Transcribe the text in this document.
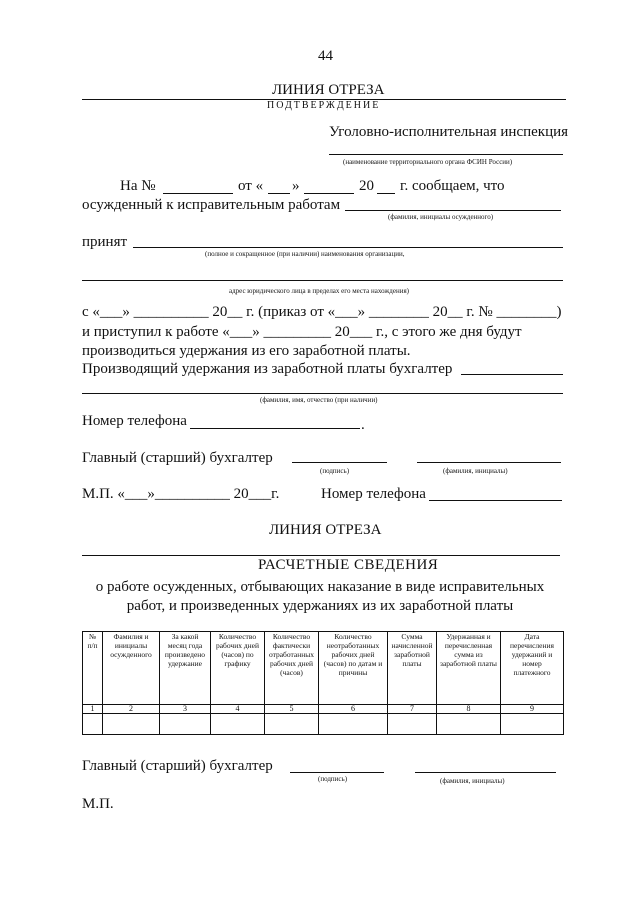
44
ЛИНИЯ ОТРЕЗА
ПОДТВЕРЖДЕНИЕ
Уголовно-исполнительная инспекция
(наименование территориального органа ФСИН России)
На №	от « »	20 г. сообщаем, что
осужденный к исправительным работам
(фамилия, инициалы осужденного)
принят
(полное и сокращенное (при наличии) наименования организации,
адрес юридического лица в пределах его места нахождения)
с «___» __________ 20__ г. (приказ от «___» ________ 20__ г. № ________)
и приступил к работе «___» _________ 20___ г., с этого же дня будут
производиться удержания из его заработной платы.
Производящий удержания из заработной платы бухгалтер
(фамилия, имя, отчество (при наличии)
Номер телефона	.
Главный (старший) бухгалтер
(подпись)	(фамилия, инициалы)
М.П. «___»__________ 20___г.	Номер телефона
ЛИНИЯ ОТРЕЗА
РАСЧЕТНЫЕ СВЕДЕНИЯ
о работе осужденных, отбывающих наказание в виде исправительных
работ, и произведенных удержаниях из их заработной платы
№ п/п	Фамилия и инициалы осужденного	За какой месяц года произведено удержание	Количество рабочих дней (часов) по графику	Количество фактически отработанных рабочих дней (часов)	Количество неотработанных рабочих дней (часов) по датам и причины	Сумма начисленной заработной платы	Удержанная и перечисленная сумма из заработной платы	Дата перечисления удержаний и номер платежного
1	2	3	4	5	6	7	8	9

Главный (старший) бухгалтер
(подпись)	(фамилия, инициалы)
М.П.
